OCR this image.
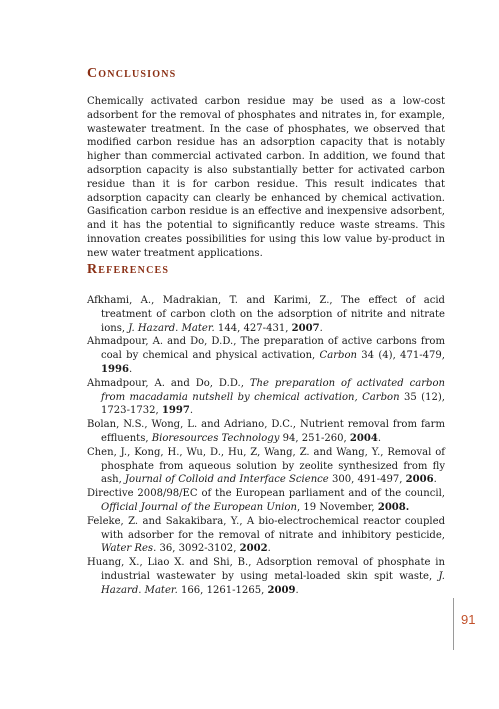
Conclusions

Chemically activated carbon residue may be used as a low-cost adsorbent for the removal of phosphates and nitrates in, for example, wastewater treatment. In the case of phosphates, we observed that modified carbon residue has an adsorption capacity that is notably higher than commercial activated carbon. In addition, we found that adsorption capacity is also substantially better for activated carbon residue than it is for carbon residue. This result indicates that adsorption capacity can clearly be enhanced by chemical activation. Gasification carbon residue is an effective and inexpensive adsorbent, and it has the potential to significantly reduce waste streams. This innovation creates possibilities for using this low value by-product in new water treatment applications.

References
Afkhami, A., Madrakian, T. and Karimi, Z., The effect of acid treatment of carbon cloth on the adsorption of nitrite and nitrate ions, J. Hazard. Mater. 144, 427-431, 2007.
Ahmadpour, A. and Do, D.D., The preparation of active carbons from coal by chemical and physical activation, Carbon 34 (4), 471-479, 1996.
Ahmadpour, A. and Do, D.D., The preparation of activated carbon from macadamia nutshell by chemical activation, Carbon 35 (12), 1723-1732, 1997.
Bolan, N.S., Wong, L. and Adriano, D.C., Nutrient removal from farm effluents, Bioresources Technology 94, 251-260, 2004.
Chen, J., Kong, H., Wu, D., Hu, Z, Wang, Z. and Wang, Y., Removal of phosphate from aqueous solution by zeolite synthesized from fly ash, Journal of Colloid and Interface Science 300, 491-497, 2006.
Directive 2008/98/EC of the European parliament and of the council, Official Journal of the European Union, 19 November, 2008.
Feleke, Z. and Sakakibara, Y., A bio-electrochemical reactor coupled with adsorber for the removal of nitrate and inhibitory pesticide, Water Res. 36, 3092-3102, 2002.
Huang, X., Liao X. and Shi, B., Adsorption removal of phosphate in industrial wastewater by using metal-loaded skin spit waste, J. Hazard. Mater. 166, 1261-1265, 2009.
91
